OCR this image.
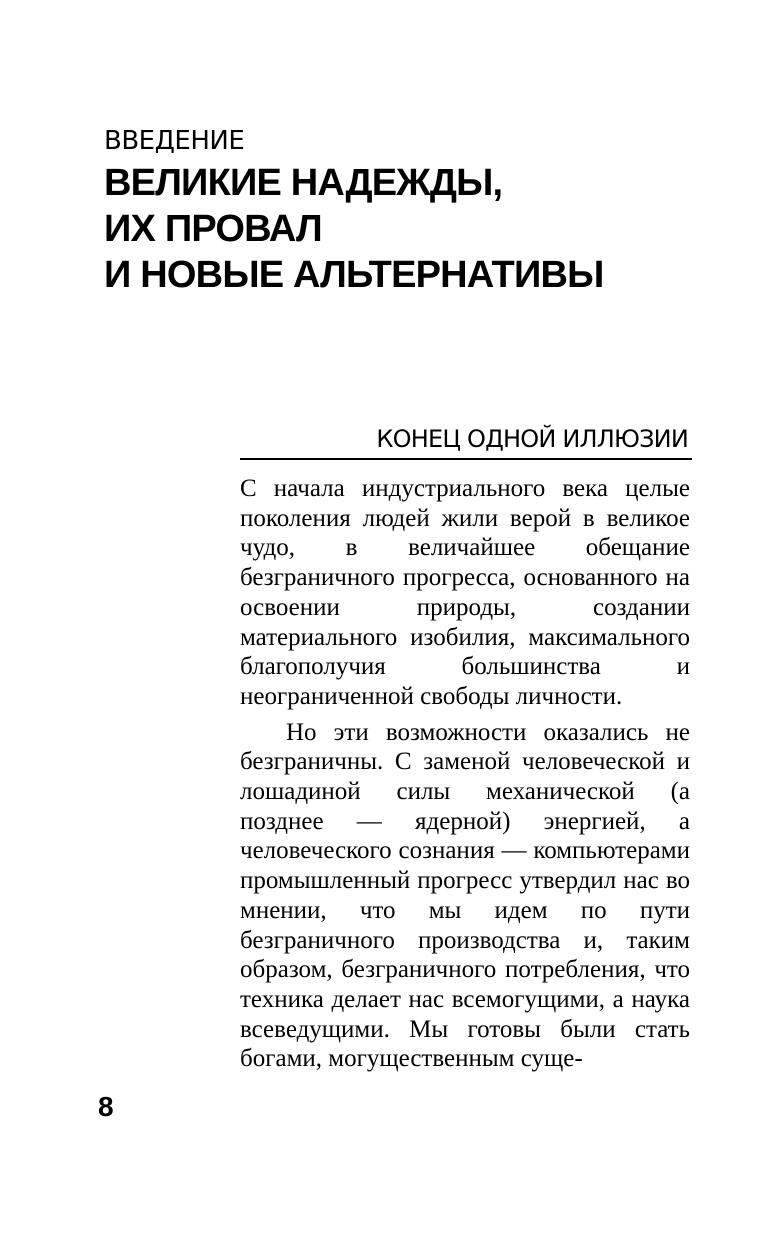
ВВЕДЕНИЕ
ВЕЛИКИЕ НАДЕЖДЫ,
ИХ ПРОВАЛ
И НОВЫЕ АЛЬТЕРНАТИВЫ
КОНЕЦ ОДНОЙ ИЛЛЮЗИИ

С начала индустриального века целые поколения людей жили верой в великое чудо, в величайшее обещание безграничного прогресса, основанного на освоении природы, создании материального изобилия, максимального благополучия большинства и неограниченной свободы личности.

Но эти возможности оказались не безграничны. С заменой человеческой и лошадиной силы механической (а позднее — ядерной) энергией, а человеческого сознания — компьютерами промышленный прогресс утвердил нас во мнении, что мы идем по пути безграничного производства и, таким образом, безграничного потребления, что техника делает нас всемогущими, а наука всеведущими. Мы готовы были стать богами, могущественным суще-

8
